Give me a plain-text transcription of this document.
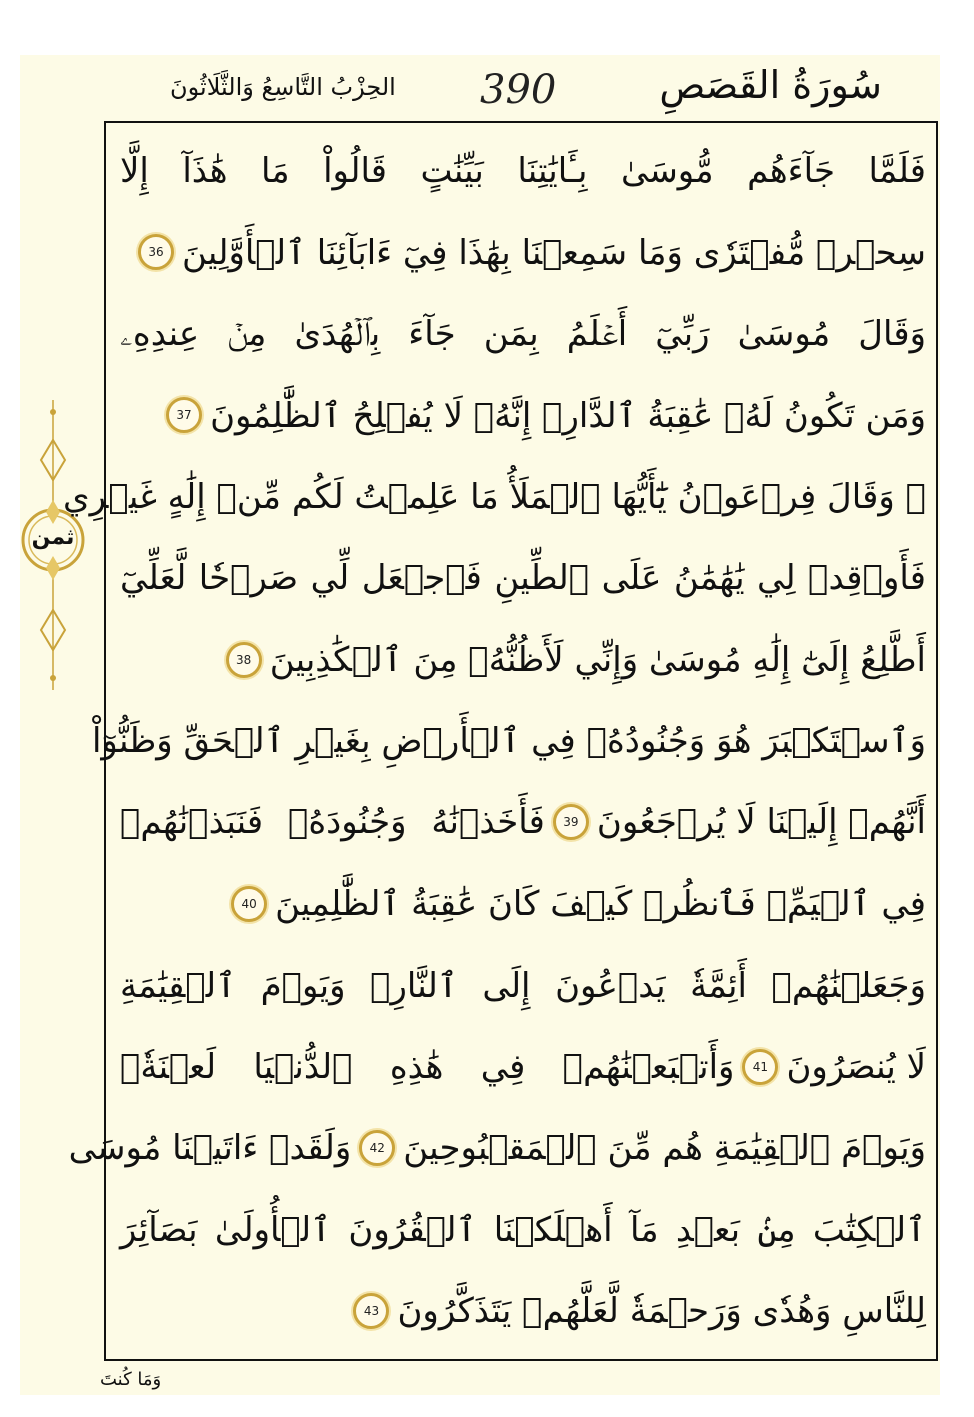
سُورَةُ القَصَصِ
390
الحِزْبُ التَّاسِعُ وَالثَّلَاثُونَ
ثمن
فَلَمَّا جَآءَهُم مُّوسَىٰ بِـَٔايَٰتِنَا بَيِّنَٰتٍ قَالُواْ مَا هَٰذَآ إِلَّا
سِحۡرٞ مُّفۡتَرٗى وَمَا سَمِعۡنَا بِهَٰذَا فِيٓ ءَابَآئِنَا ٱلۡأَوَّلِينَ
36
وَقَالَ مُوسَىٰ رَبِّيٓ أَعۡلَمُ بِمَن جَآءَ بِٱلۡهُدَىٰ مِنۡ عِندِهِۦ
وَمَن تَكُونُ لَهُۥ عَٰقِبَةُ ٱلدَّارِۚ إِنَّهُۥ لَا يُفۡلِحُ ٱلظَّٰلِمُونَ
37
۞ وَقَالَ فِرۡعَوۡنُ يَٰٓأَيُّهَا ٱلۡمَلَأُ مَا عَلِمۡتُ لَكُم مِّنۡ إِلَٰهٍ غَيۡرِي
فَأَوۡقِدۡ لِي يَٰهَٰمَٰنُ عَلَى ٱلطِّينِ فَٱجۡعَل لِّي صَرۡحٗا لَّعَلِّيٓ
أَطَّلِعُ إِلَىٰٓ إِلَٰهِ مُوسَىٰ وَإِنِّي لَأَظُنُّهُۥ مِنَ ٱلۡكَٰذِبِينَ
38
وَٱسۡتَكۡبَرَ هُوَ وَجُنُودُهُۥ فِي ٱلۡأَرۡضِ بِغَيۡرِ ٱلۡحَقِّ وَظَنُّوٓاْ
أَنَّهُمۡ إِلَيۡنَا لَا يُرۡجَعُونَ
39
فَأَخَذۡنَٰهُ وَجُنُودَهُۥ فَنَبَذۡنَٰهُمۡ
فِي ٱلۡيَمِّۖ فَٱنظُرۡ كَيۡفَ كَانَ عَٰقِبَةُ ٱلظَّٰلِمِينَ
40
وَجَعَلۡنَٰهُمۡ أَئِمَّةٗ يَدۡعُونَ إِلَى ٱلنَّارِۖ وَيَوۡمَ ٱلۡقِيَٰمَةِ
لَا يُنصَرُونَ
41
وَأَتۡبَعۡنَٰهُمۡ فِي هَٰذِهِ ٱلدُّنۡيَا لَعۡنَةٗۖ
وَيَوۡمَ ٱلۡقِيَٰمَةِ هُم مِّنَ ٱلۡمَقۡبُوحِينَ
42
وَلَقَدۡ ءَاتَيۡنَا مُوسَى
ٱلۡكِتَٰبَ مِنۢ بَعۡدِ مَآ أَهۡلَكۡنَا ٱلۡقُرُونَ ٱلۡأُولَىٰ بَصَآئِرَ
لِلنَّاسِ وَهُدٗى وَرَحۡمَةٗ لَّعَلَّهُمۡ يَتَذَكَّرُونَ
43
وَمَا كُنتَ
